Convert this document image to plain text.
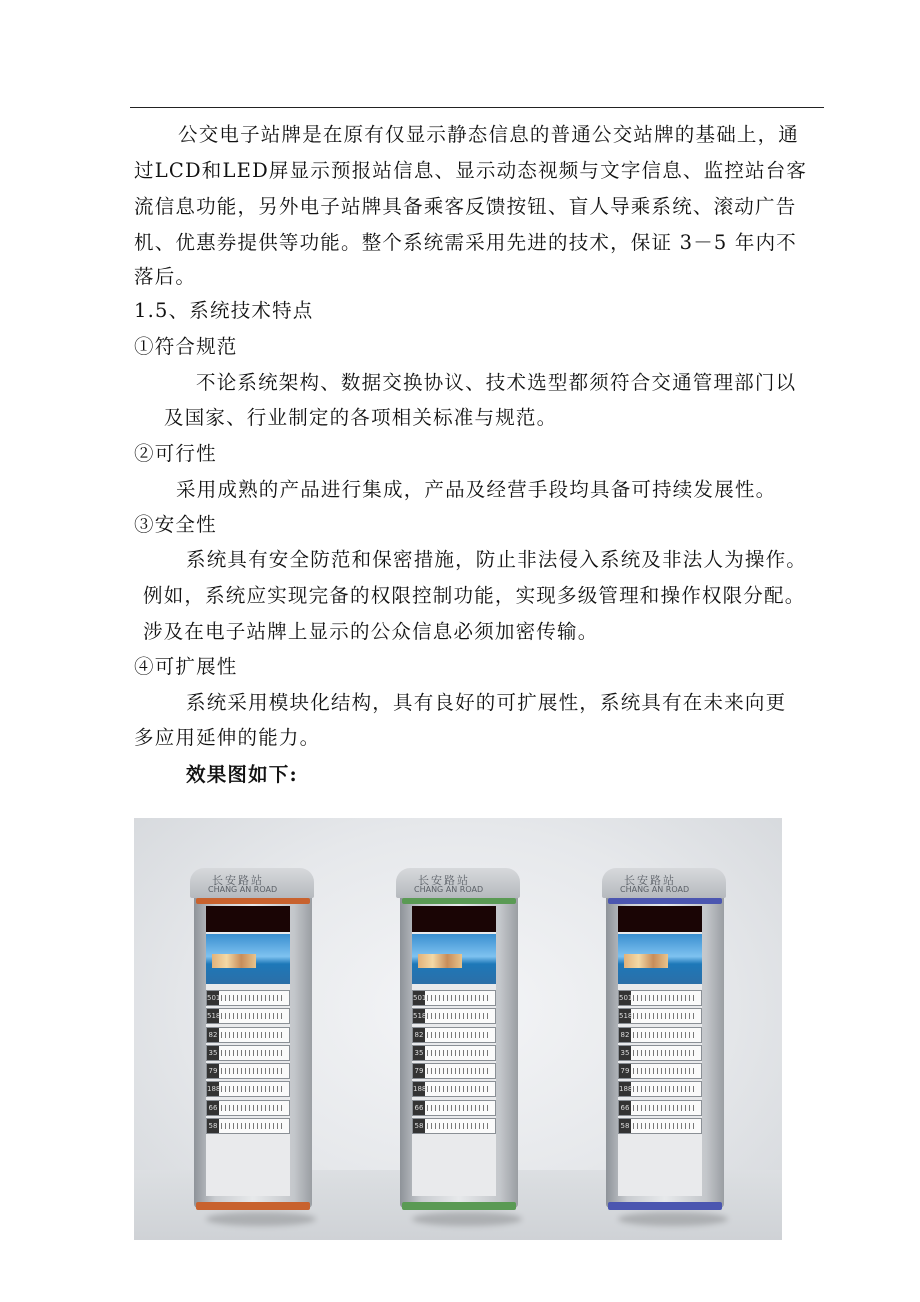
公交电子站牌是在原有仅显示静态信息的普通公交站牌的基础上，通
过LCD和LED屏显示预报站信息、显示动态视频与文字信息、监控站台客
流信息功能，另外电子站牌具备乘客反馈按钮、盲人导乘系统、滚动广告
机、优惠券提供等功能。整个系统需采用先进的技术，保证 3－5 年内不
落后。
1.5、系统技术特点
①符合规范
不论系统架构、数据交换协议、技术选型都须符合交通管理部门以
及国家、行业制定的各项相关标准与规范。
②可行性
采用成熟的产品进行集成，产品及经营手段均具备可持续发展性。
③安全性
系统具有安全防范和保密措施，防止非法侵入系统及非法人为操作。
例如，系统应实现完备的权限控制功能，实现多级管理和操作权限分配。
涉及在电子站牌上显示的公众信息必须加密传输。
④可扩展性
系统采用模块化结构，具有良好的可扩展性，系统具有在未来向更
多应用延伸的能力。
效果图如下:
长安路站
CHANG AN ROAD
501
518
82
35
79
188
66
58
长安路站
CHANG AN ROAD
501
518
82
35
79
188
66
58
长安路站
CHANG AN ROAD
501
518
82
35
79
188
66
58
